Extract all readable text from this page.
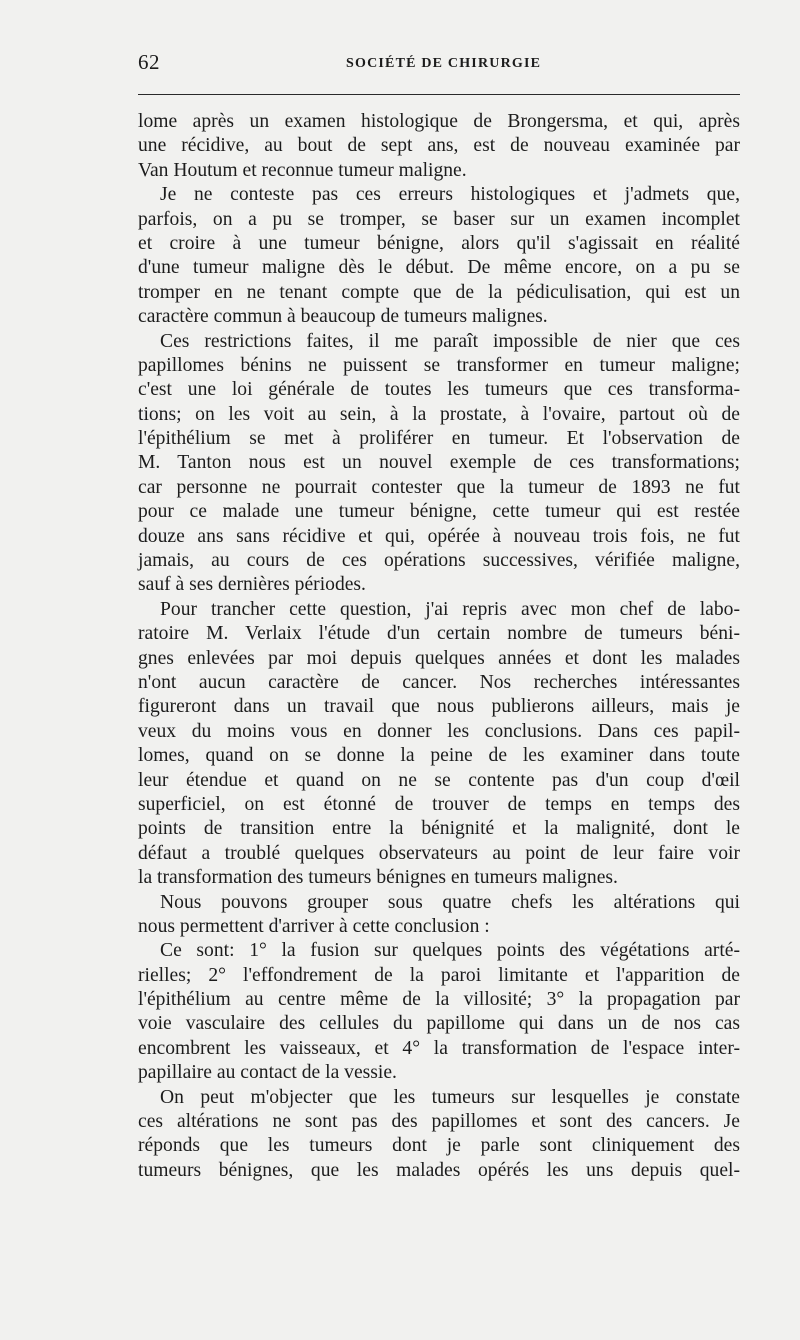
62	SOCIÉTÉ DE CHIRURGIE
lome après un examen histologique de Brongersma, et qui, après
une récidive, au bout de sept ans, est de nouveau examinée par
Van Houtum et reconnue tumeur maligne.
Je ne conteste pas ces erreurs histologiques et j'admets que,
parfois, on a pu se tromper, se baser sur un examen incomplet
et croire à une tumeur bénigne, alors qu'il s'agissait en réalité
d'une tumeur maligne dès le début. De même encore, on a pu se
tromper en ne tenant compte que de la pédiculisation, qui est un
caractère commun à beaucoup de tumeurs malignes.
Ces restrictions faites, il me paraît impossible de nier que ces
papillomes bénins ne puissent se transformer en tumeur maligne;
c'est une loi générale de toutes les tumeurs que ces transforma-
tions; on les voit au sein, à la prostate, à l'ovaire, partout où de
l'épithélium se met à proliférer en tumeur. Et l'observation de
M. Tanton nous est un nouvel exemple de ces transformations;
car personne ne pourrait contester que la tumeur de 1893 ne fut
pour ce malade une tumeur bénigne, cette tumeur qui est restée
douze ans sans récidive et qui, opérée à nouveau trois fois, ne fut
jamais, au cours de ces opérations successives, vérifiée maligne,
sauf à ses dernières périodes.
Pour trancher cette question, j'ai repris avec mon chef de labo-
ratoire M. Verlaix l'étude d'un certain nombre de tumeurs béni-
gnes enlevées par moi depuis quelques années et dont les malades
n'ont aucun caractère de cancer. Nos recherches intéressantes
figureront dans un travail que nous publierons ailleurs, mais je
veux du moins vous en donner les conclusions. Dans ces papil-
lomes, quand on se donne la peine de les examiner dans toute
leur étendue et quand on ne se contente pas d'un coup d'œil
superficiel, on est étonné de trouver de temps en temps des
points de transition entre la bénignité et la malignité, dont le
défaut a troublé quelques observateurs au point de leur faire voir
la transformation des tumeurs bénignes en tumeurs malignes.
Nous pouvons grouper sous quatre chefs les altérations qui
nous permettent d'arriver à cette conclusion :
Ce sont: 1° la fusion sur quelques points des végétations arté-
rielles; 2° l'effondrement de la paroi limitante et l'apparition de
l'épithélium au centre même de la villosité; 3° la propagation par
voie vasculaire des cellules du papillome qui dans un de nos cas
encombrent les vaisseaux, et 4° la transformation de l'espace inter-
papillaire au contact de la vessie.
On peut m'objecter que les tumeurs sur lesquelles je constate
ces altérations ne sont pas des papillomes et sont des cancers. Je
réponds que les tumeurs dont je parle sont cliniquement des
tumeurs bénignes, que les malades opérés les uns depuis quel-
